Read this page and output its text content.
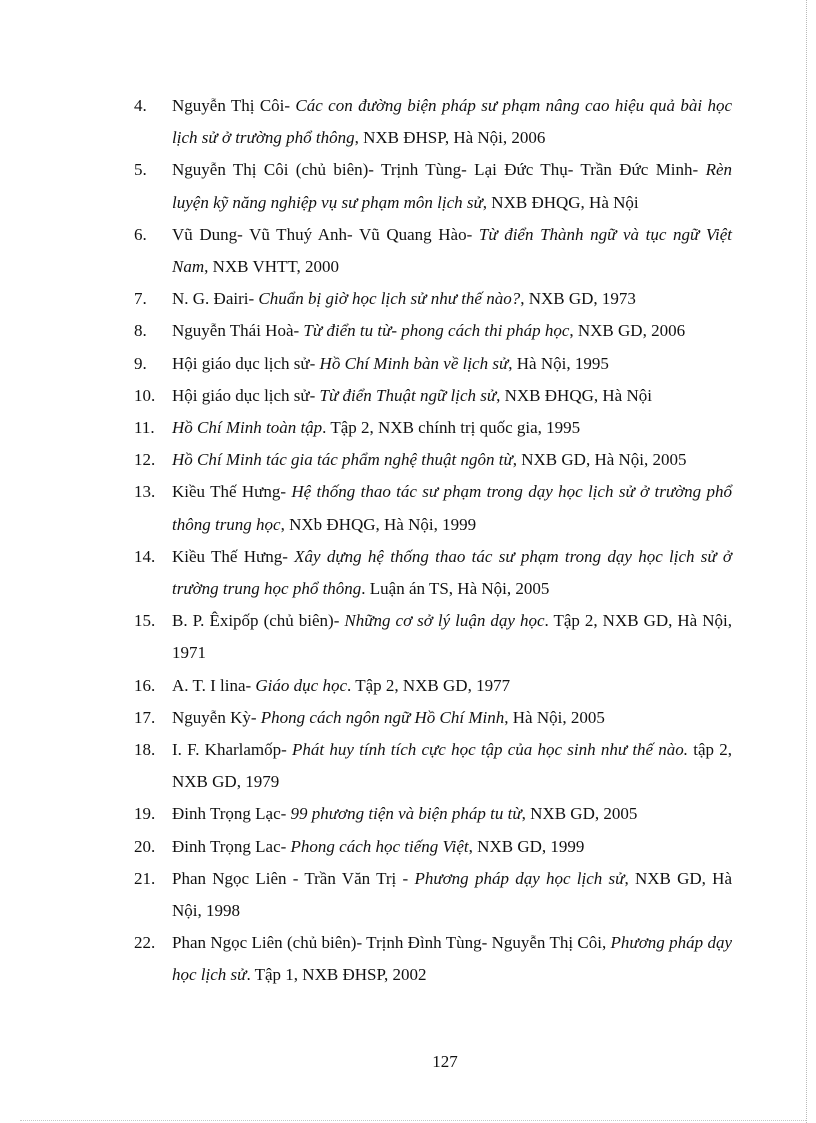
4.	Nguyễn Thị Côi- Các con đường biện pháp sư phạm nâng cao hiệu quả bài học lịch sử ở trường phổ thông, NXB ĐHSP, Hà Nội, 2006
5.	Nguyễn Thị Côi (chủ biên)- Trịnh Tùng- Lại Đức Thụ- Trần Đức Minh- Rèn luyện kỹ năng nghiệp vụ sư phạm môn lịch sử, NXB ĐHQG, Hà Nội
6.	Vũ Dung- Vũ Thuý Anh- Vũ Quang Hào- Từ điển Thành ngữ và tục ngữ Việt Nam, NXB VHTT, 2000
7.	N. G. Đairi- Chuẩn bị giờ học lịch sử như thế nào?, NXB GD, 1973
8.	Nguyễn Thái Hoà- Từ điển tu từ- phong cách thi pháp học, NXB GD, 2006
9.	Hội giáo dục lịch sử- Hồ Chí Minh bàn về lịch sử, Hà Nội, 1995
10. Hội giáo dục lịch sử- Từ điển Thuật ngữ lịch sử, NXB ĐHQG, Hà Nội
11.	Hồ Chí Minh toàn tập. Tập 2, NXB chính trị quốc gia, 1995
12. Hồ Chí Minh tác gia tác phẩm nghệ thuật ngôn từ, NXB GD, Hà Nội, 2005
13. Kiều Thế Hưng- Hệ thống thao tác sư phạm trong dạy học lịch sử ở trường phổ thông trung học, NXb ĐHQG, Hà Nội, 1999
14. Kiều Thế Hưng- Xây dựng hệ thống thao tác sư phạm trong dạy học lịch sử ở trường trung học phổ thông. Luận án TS, Hà Nội, 2005
15. B. P. Êxipốp (chủ biên)- Những cơ sở lý luận dạy học. Tập 2, NXB GD, Hà Nội, 1971
16. A. T. I lina- Giáo dục học. Tập 2, NXB GD, 1977
17. Nguyễn Kỳ- Phong cách ngôn ngữ Hồ Chí Minh, Hà Nội, 2005
18. I. F. Kharlamốp- Phát huy tính tích cực học tập của học sinh như thế nào. tập 2, NXB GD, 1979
19. Đinh Trọng Lạc- 99 phương tiện và biện pháp tu từ, NXB GD, 2005
20. Đinh Trọng Lac- Phong cách học tiếng Việt, NXB GD, 1999
21. Phan Ngọc Liên - Trần Văn Trị - Phương pháp dạy học lịch sử, NXB GD, Hà Nội, 1998
22. Phan Ngọc Liên (chủ biên)- Trịnh Đình Tùng- Nguyễn Thị Côi, Phương pháp dạy học lịch sử. Tập 1, NXB ĐHSP, 2002
127
